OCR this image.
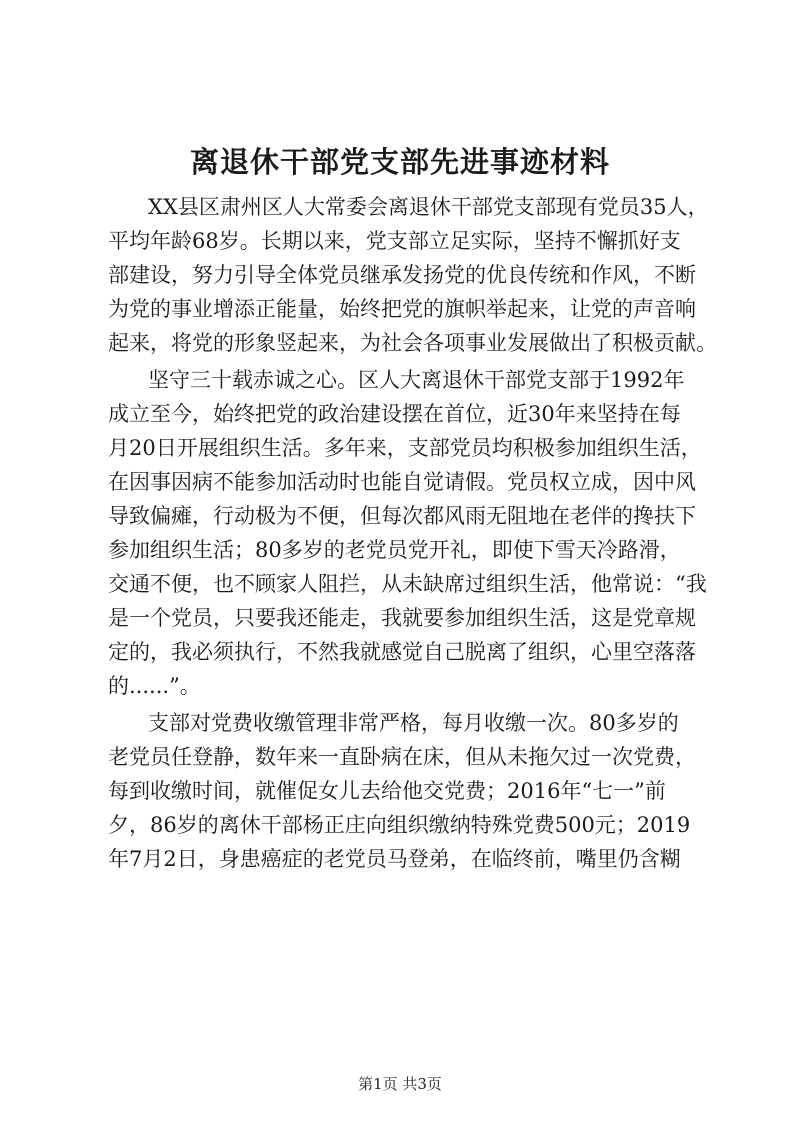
离退休干部党支部先进事迹材料
XX县区肃州区人大常委会离退休干部党支部现有党员35人，
平均年龄68岁。长期以来，党支部立足实际，坚持不懈抓好支
部建设，努力引导全体党员继承发扬党的优良传统和作风，不断
为党的事业增添正能量，始终把党的旗帜举起来，让党的声音响
起来，将党的形象竖起来，为社会各项事业发展做出了积极贡献。
坚守三十载赤诚之心。区人大离退休干部党支部于1992年
成立至今，始终把党的政治建设摆在首位，近30年来坚持在每
月20日开展组织生活。多年来，支部党员均积极参加组织生活，
在因事因病不能参加活动时也能自觉请假。党员权立成，因中风
导致偏瘫，行动极为不便，但每次都风雨无阻地在老伴的搀扶下
参加组织生活；80多岁的老党员党开礼，即使下雪天冷路滑，
交通不便，也不顾家人阻拦，从未缺席过组织生活，他常说：“我
是一个党员，只要我还能走，我就要参加组织生活，这是党章规
定的，我必须执行，不然我就感觉自己脱离了组织，心里空落落
的......”。
支部对党费收缴管理非常严格，每月收缴一次。80多岁的
老党员任登静，数年来一直卧病在床，但从未拖欠过一次党费，
每到收缴时间，就催促女儿去给他交党费；2016年“七一”前
夕，86岁的离休干部杨正庄向组织缴纳特殊党费500元；2019
年7月2日，身患癌症的老党员马登弟，在临终前，嘴里仍含糊
第1页 共3页
